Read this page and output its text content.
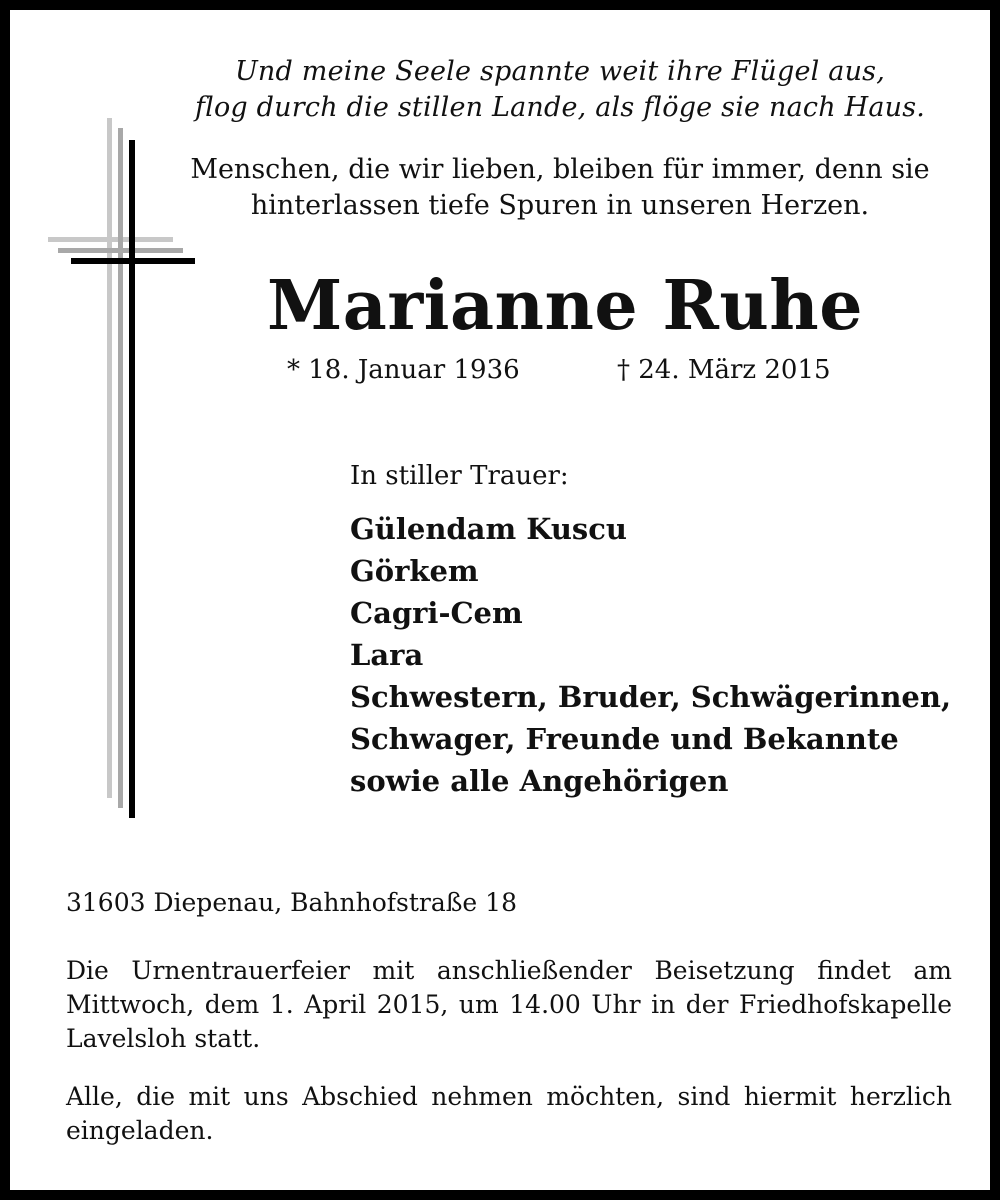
Und meine Seele spannte weit ihre Flügel aus,
flog durch die stillen Lande, als flöge sie nach Haus.
Menschen, die wir lieben, bleiben für immer, denn sie
hinterlassen tiefe Spuren in unseren Herzen.
Marianne Ruhe
* 18. Januar 1936	† 24. März 2015
In stiller Trauer:
Gülendam Kuscu
Görkem
Cagri-Cem
Lara
Schwestern, Bruder, Schwägerinnen,
Schwager, Freunde und Bekannte
sowie alle Angehörigen
31603 Diepenau, Bahnhofstraße 18
Die Urnentrauerfeier mit anschließender Beisetzung findet am Mittwoch, dem 1. April 2015, um 14.00 Uhr in der Friedhofskapelle Lavelsloh statt.
Alle, die mit uns Abschied nehmen möchten, sind hiermit herzlich eingeladen.
